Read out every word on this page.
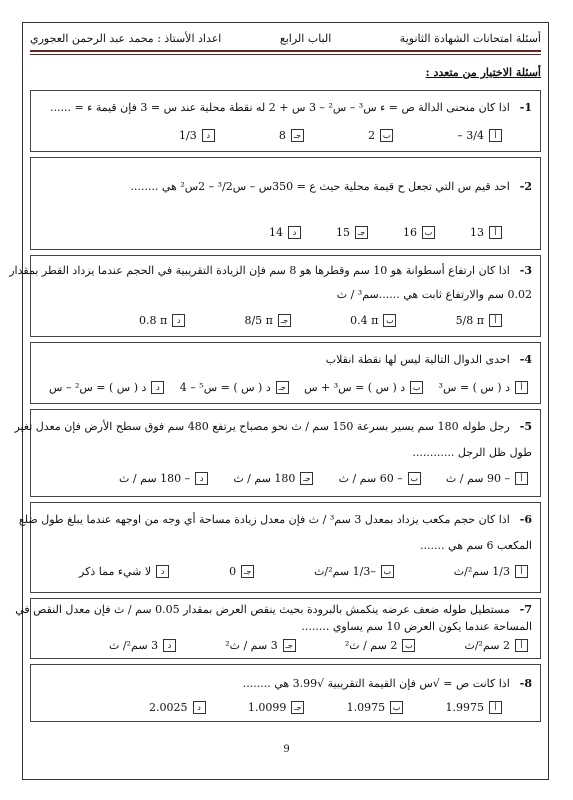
أسئلة امتحانات الشهادة الثانوية
الباب الرابع
اعداد الأستاذ : محمد عبد الرحمن العجوري
أسئلة الاختيار من متعدد :
1-
اذا كان منحنى الدالة ص = ء س³ – س² – 3 س + 2 له نقطة محلية عند س = 3 فإن قيمة ء = ......
أ
– 3/4
ب
2
جـ
8
د
1/3
2-
احد قيم س التي تجعل ح قيمة محلية حيث ع = 350س – س³/2 – 2س² هي ........
أ
13
ب
16
جـ
15
د
14
3-
اذا كان ارتفاع أسطوانة هو 10 سم وقطرها هو 8 سم فإن الزيادة التقريبية في الحجم عندما يزداد القطر بمقدار
0.02 سم والارتفاع ثابت هي ......سم³ / ث
أ
5/8 π
ب
0.4 π
جـ
8/5 π
د
0.8 π
4-
احدى الدوال التالية ليس لها نقطة انقلاب
أ
د ( س ) = س³
ب
د ( س ) = س³ + س
جـ
د ( س ) = س⁵ – 4
د
د ( س ) = س² – س
5-
رجل طوله 180 سم يسير بسرعة 150 سم / ث نحو مصباح يرتفع 480 سم فوق سطح الأرض فإن معدل تغير
طول ظل الرجل ............
أ
– 90 سم / ث
ب
– 60 سم / ث
جـ
180 سم / ث
د
– 180 سم / ث
6-
اذا كان حجم مكعب يزداد بمعدل 3 سم³ / ث فإن معدل زيادة مساحة أي وجه من اوجهه عندما يبلغ طول ضلع
المكعب 6 سم هي .......
أ
1/3 سم²/ث
ب
–1/3 سم²/ث
جـ
0
د
لا شيء مما ذكر
7-
مستطيل طوله ضعف عرضه ينكمش بالبرودة بحيث ينقص العرض بمقدار 0.05 سم / ث فإن معدل النقص في
المساحة عندما يكون العرض 10 سم يساوي ........
أ
2 سم²/ث
ب
2 سم / ث²
جـ
3 سم / ث²
د
3 سم²/ ث
8-
اذا كانت ص = √س فإن القيمة التقريبية √3.99 هي ........
أ
1.9975
ب
1.0975
جـ
1.0099
د
2.0025
9
